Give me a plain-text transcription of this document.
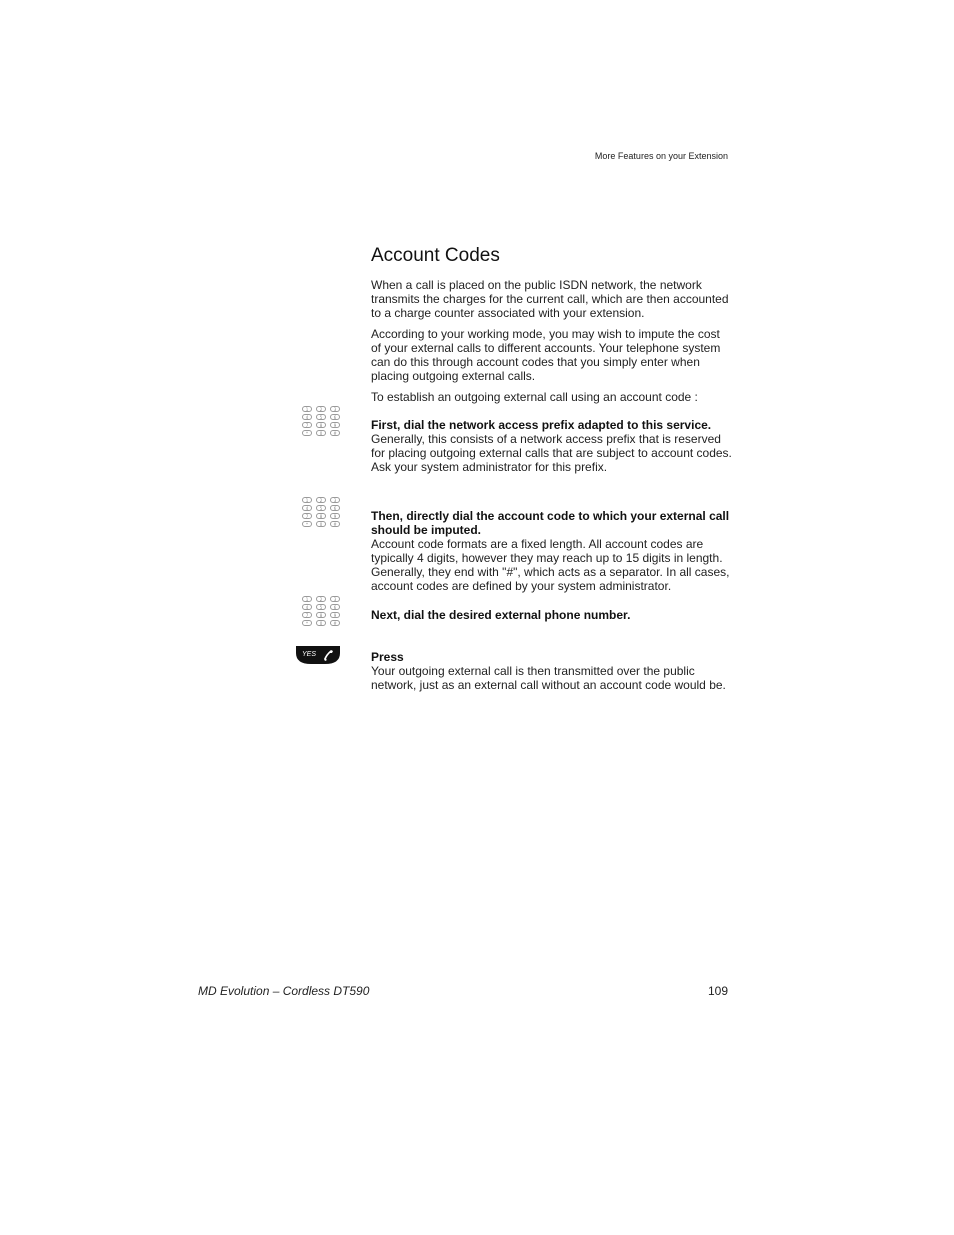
More Features on your Extension
Account Codes

When a call is placed on the public ISDN network, the network transmits the charges for the current call, which are then accounted to a charge counter associated with your extension.

According to your working mode, you may wish to impute the cost of your external calls to different accounts. Your telephone system can do this through account codes that you simply enter when placing outgoing external calls.

To establish an outgoing external call using an account code :

1	2	3
4	5	6
7	8	9
*	0	#
First, dial the network access prefix adapted to this service.
Generally, this consists of a network access prefix that is reserved for placing outgoing external calls that are subject to account codes. Ask your system administrator for this prefix.
1	2	3
4	5	6
7	8	9
*	0	#
Then, directly dial the account code to which your external call should be imputed.
Account code formats are a fixed length. All account codes are typically 4 digits, however they may reach up to 15 digits in length. Generally, they end with "#", which acts as a separator. In all cases, account codes are defined by your system administrator.
1	2	3
4	5	6
7	8	9
*	0	#
Next, dial the desired external phone number.
YES	Press
Your outgoing external call is then transmitted over the public network, just as an external call without an account code would be.
MD Evolution – Cordless DT590	109
